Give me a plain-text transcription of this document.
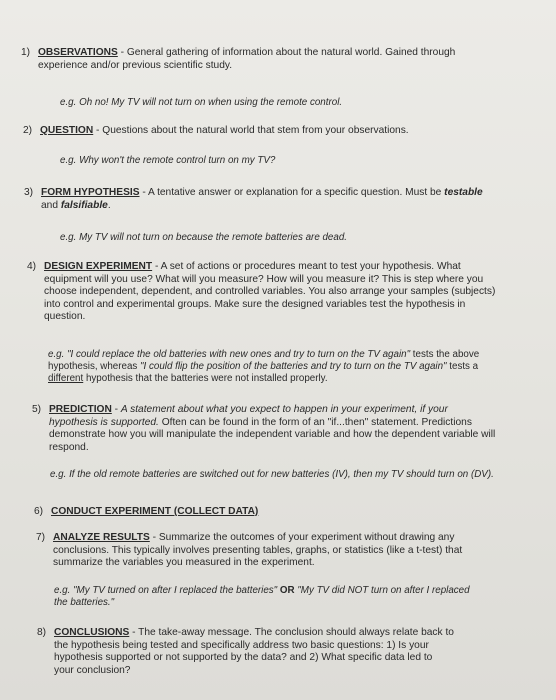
1) OBSERVATIONS - General gathering of information about the natural world. Gained through experience and/or previous scientific study.
e.g. Oh no! My TV will not turn on when using the remote control.
2) QUESTION - Questions about the natural world that stem from your observations.
e.g. Why won't the remote control turn on my TV?
3) FORM HYPOTHESIS - A tentative answer or explanation for a specific question. Must be testable and falsifiable.
e.g. My TV will not turn on because the remote batteries are dead.
4) DESIGN EXPERIMENT - A set of actions or procedures meant to test your hypothesis. What equipment will you use? What will you measure? How will you measure it? This is step where you choose independent, dependent, and controlled variables. You also arrange your samples (subjects) into control and experimental groups. Make sure the designed variables test the hypothesis in question.
e.g. "I could replace the old batteries with new ones and try to turn on the TV again" tests the above hypothesis, whereas "I could flip the position of the batteries and try to turn on the TV again" tests a different hypothesis that the batteries were not installed properly.
5) PREDICTION - A statement about what you expect to happen in your experiment, if your hypothesis is supported. Often can be found in the form of an "if...then" statement. Predictions demonstrate how you will manipulate the independent variable and how the dependent variable will respond.
e.g. If the old remote batteries are switched out for new batteries (IV), then my TV should turn on (DV).
6) CONDUCT EXPERIMENT (COLLECT DATA)
7) ANALYZE RESULTS - Summarize the outcomes of your experiment without drawing any conclusions. This typically involves presenting tables, graphs, or statistics (like a t-test) that summarize the variables you measured in the experiment.
e.g. "My TV turned on after I replaced the batteries" OR "My TV did NOT turn on after I replaced the batteries."
8) CONCLUSIONS - The take-away message. The conclusion should always relate back to the hypothesis being tested and specifically address two basic questions: 1) Is your hypothesis supported or not supported by the data? and 2) What specific data led to your conclusion?
